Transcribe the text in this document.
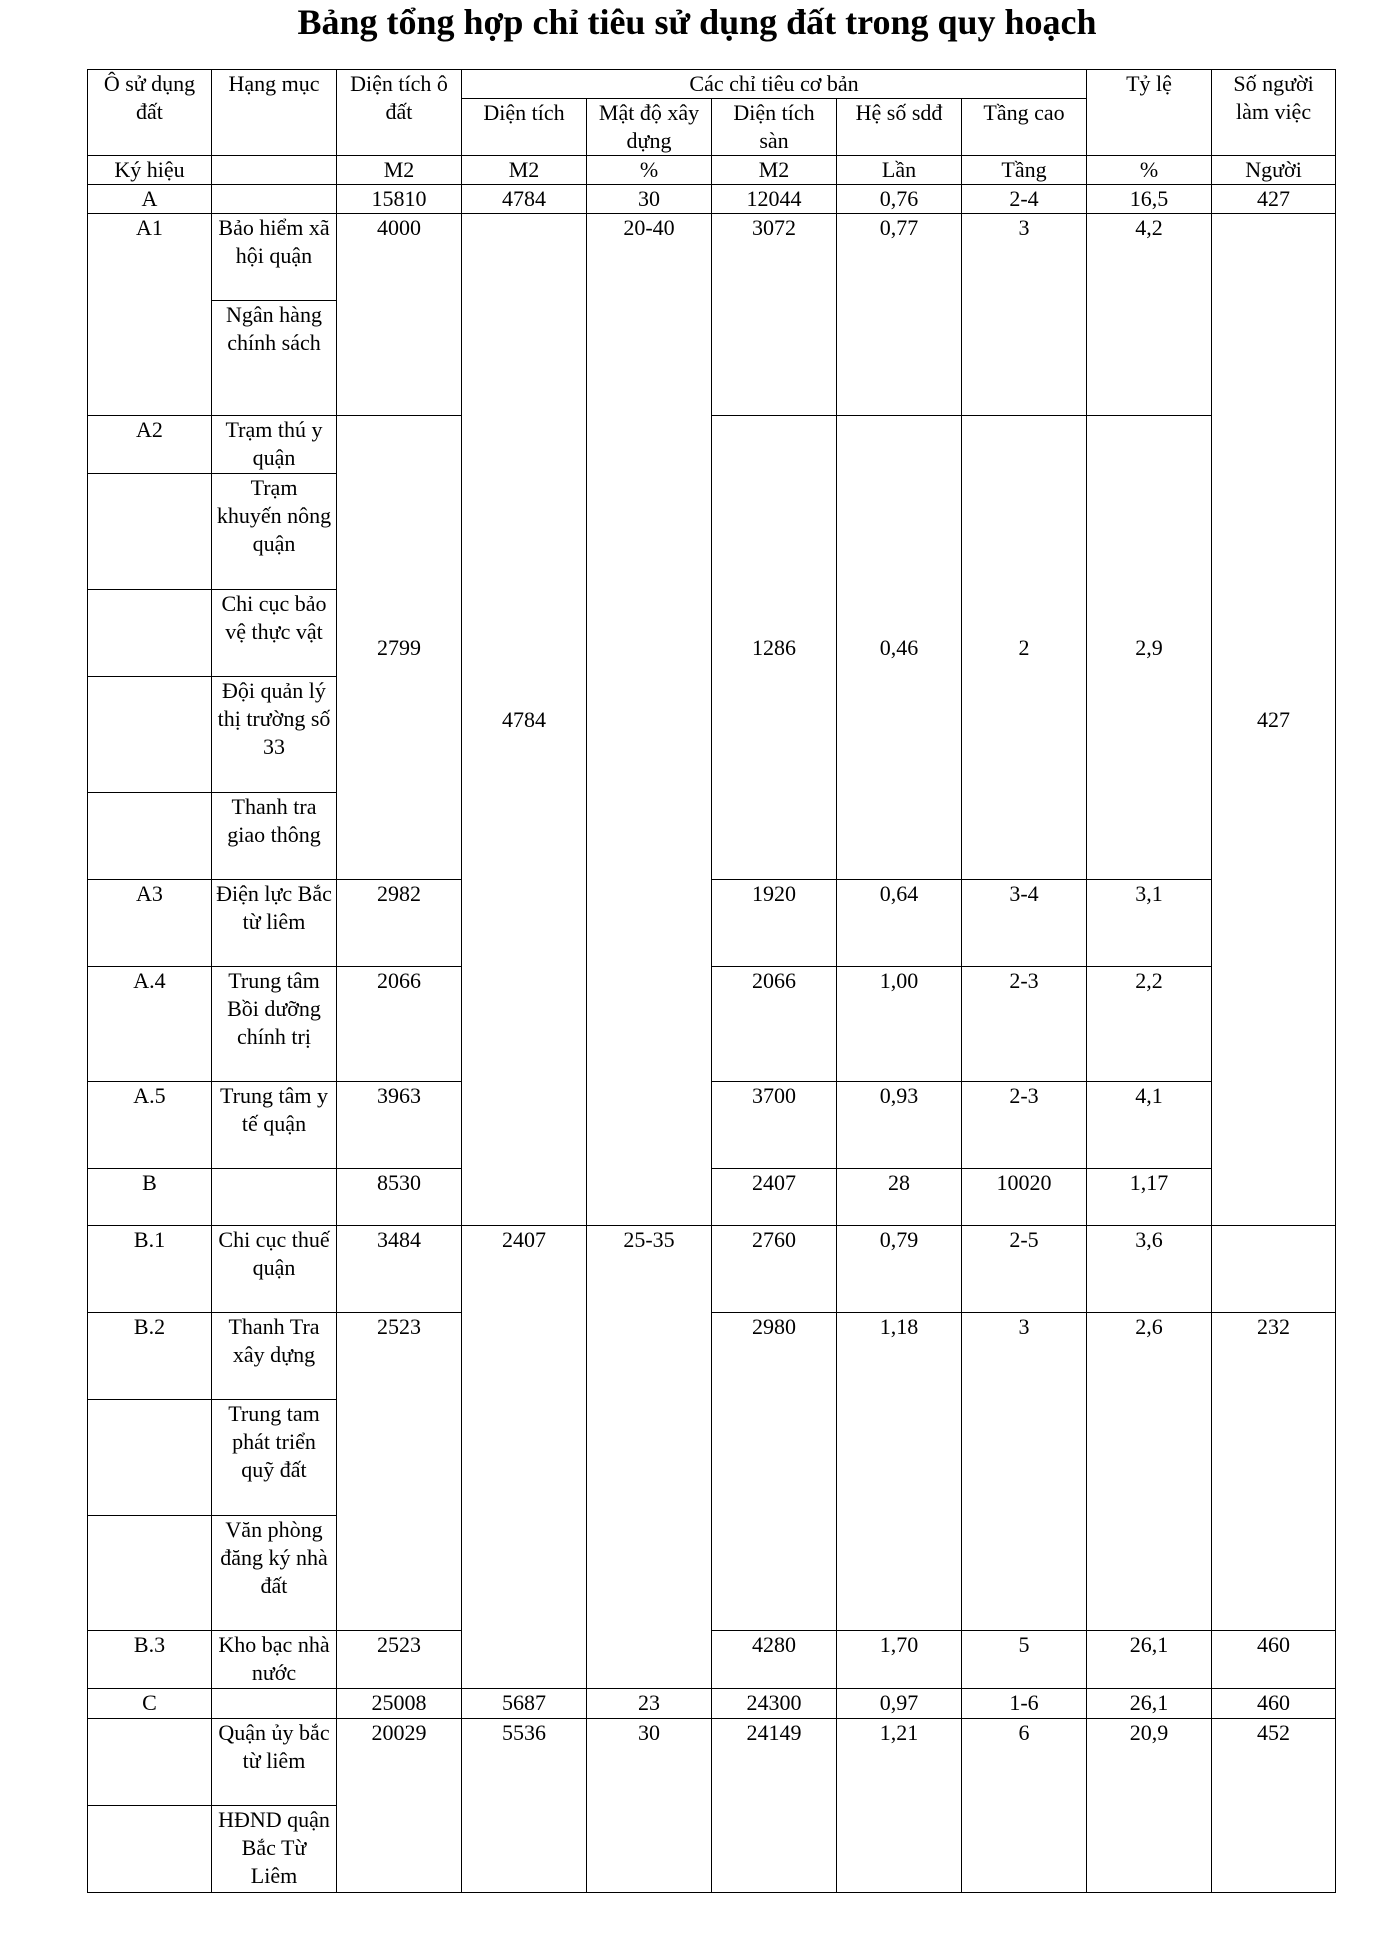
Bảng tổng hợp chỉ tiêu sử dụng đất trong quy hoạch
Ô sử dụng đất	Hạng mục	Diện tích ô đất	Các chỉ tiêu cơ bản					Tỷ lệ	Số người làm việc	
			Diện tích	Mật độ xây dựng	Diện tích sàn	Hệ số sdđ	Tầng cao			

Ký hiệu		M2	M2	%	M2	Lần	Tầng	%	Người	
A		15810	4784	30	12044	0,76	2-4	16,5	427	
A1	Bảo hiểm xã hội quận	4000	4784	20-40	3072	0,77	3	4,2	427	
	Ngân hàng chính sách									
A2	Trạm thú y quận	2799			1286	0,46	2	2,9		
	Trạm khuyến nông quận									
	Chi cục bảo vệ thực vật									
	Đội quản lý thị trường số 33									
	Thanh tra giao thông									
A3	Điện lực Bắc từ liêm	2982			1920	0,64	3-4	3,1		
A.4	Trung tâm Bồi dưỡng chính trị	2066			2066	1,00	2-3	2,2		
A.5	Trung tâm y tế quận	3963			3700	0,93	2-3	4,1		
B		8530			2407	28	10020	1,17			
B.1	Chi cục thuế quận	3484	2407	25-35	2760	0,79	2-5	3,6		
B.2	Thanh Tra xây dựng	2523			2980	1,18	3	2,6	232	
	Trung tam phát triển quỹ đất									
	Văn phòng đăng ký nhà đất									
B.3	Kho bạc nhà nước	2523			4280	1,70	5	26,1	460	
C		25008	5687	23	24300	0,97	1-6	26,1	460	
	Quận ủy bắc từ liêm	20029	5536	30	24149	1,21	6	20,9	452	
	HĐND quận Bắc Từ Liêm									
